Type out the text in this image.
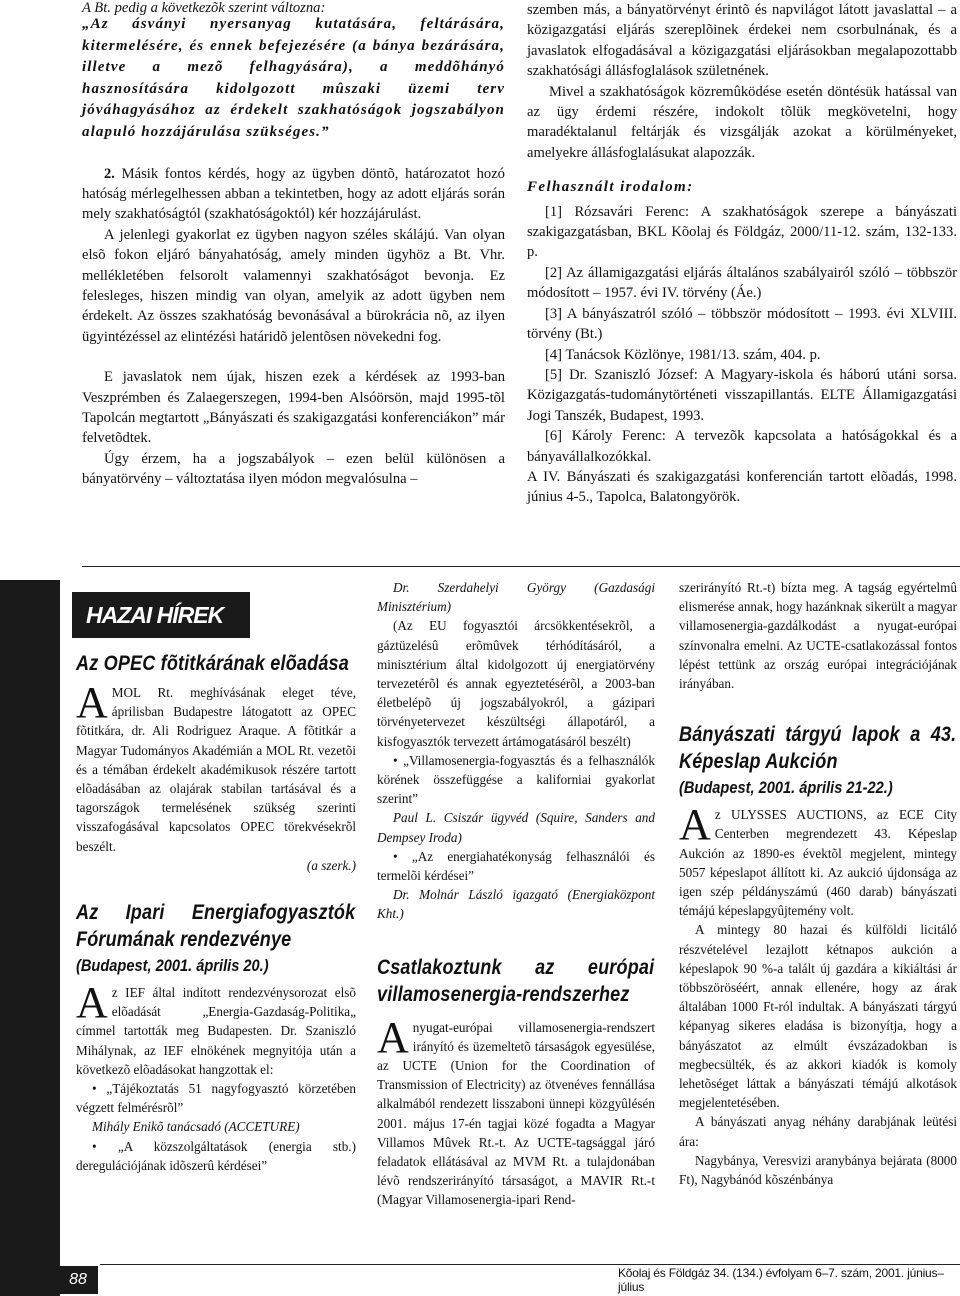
A Bt. pedig a következõk szerint változna:

„Az ásványi nyersanyag kutatására, feltárására, kitermelésére, és ennek befejezésére (a bánya bezárására, illetve a mezõ felhagyására), a meddõhányó hasznosítására kidolgozott mûszaki üzemi terv jóváhagyásához az érdekelt szakhatóságok jogszabályon alapuló hozzájárulása szükséges.”

2. Másik fontos kérdés, hogy az ügyben döntõ, határozatot hozó hatóság mérlegelhessen abban a tekintetben, hogy az adott eljárás során mely szakhatóságtól (szakhatóságoktól) kér hozzájárulást.

A jelenlegi gyakorlat ez ügyben nagyon széles skálájú. Van olyan elsõ fokon eljáró bányahatóság, amely minden ügyhöz a Bt. Vhr. mellékletében felsorolt valamennyi szakhatóságot bevonja. Ez felesleges, hiszen mindig van olyan, amelyik az adott ügyben nem érdekelt. Az összes szakhatóság bevonásával a bürokrácia nõ, az ilyen ügyintézéssel az elintézési határidõ jelentõsen növekedni fog.

E javaslatok nem újak, hiszen ezek a kérdések az 1993-ban Veszprémben és Zalaegerszegen, 1994-ben Alsóörsön, majd 1995-tõl Tapolcán megtartott „Bányászati és szakigazgatási konferenciákon” már felvetõdtek.

Úgy érzem, ha a jogszabályok – ezen belül különösen a bányatörvény – változtatása ilyen módon megvalósulna –

szemben más, a bányatörvényt érintõ és napvilágot látott javaslattal – a közigazgatási eljárás szereplõinek érdekei nem csorbulnának, és a javaslatok elfogadásával a közigazgatási eljárásokban megalapozottabb szakhatósági állásfoglalások születnének.

Mivel a szakhatóságok közremûködése esetén döntésük hatással van az ügy érdemi részére, indokolt tõlük megkövetelni, hogy maradéktalanul feltárják és vizsgálják azokat a körülményeket, amelyekre állásfoglalásukat alapozzák.

Felhasznált irodalom:

[1] Rózsavári Ferenc: A szakhatóságok szerepe a bányászati szakigazgatásban, BKL Kõolaj és Földgáz, 2000/11-12. szám, 132-133. p.

[2] Az államigazgatási eljárás általános szabályairól szóló – többször módosított – 1957. évi IV. törvény (Áe.)

[3] A bányászatról szóló – többször módosított – 1993. évi XLVIII. törvény (Bt.)

[4] Tanácsok Közlönye, 1981/13. szám, 404. p.

[5] Dr. Szaniszló József: A Magyary-iskola és háború utáni sorsa. Közigazgatás-tudománytörténeti visszapillantás. ELTE Államigazgatási Jogi Tanszék, Budapest, 1993.

[6] Károly Ferenc: A tervezõk kapcsolata a hatóságokkal és a bányavállalkozókkal.

A IV. Bányászati és szakigazgatási konferencián tartott elõadás, 1998. június 4-5., Tapolca, Balatongyörök.

HAZAI HÍREK
Az OPEC fõtitkárának elõadása

AMOL Rt. meghívásának eleget téve, áprilisban Budapestre látogatott az OPEC fõtitkára, dr. Ali Rodriguez Araque. A fõtitkár a Magyar Tudományos Akadémián a MOL Rt. vezetõi és a témában érdekelt akadémikusok részére tartott elõadásában az olajárak stabilan tartásával és a tagországok termelésének szükség szerinti visszafogásával kapcsolatos OPEC törekvésekrõl beszélt.

(a szerk.)

Az Ipari Energiafogyasztók Fórumának rendezvénye
(Budapest, 2001. április 20.)

Az IEF által indított rendezvénysorozat elsõ elõadását „Energia-Gazdaság-Politika„ címmel tartották meg Budapesten. Dr. Szaniszló Mihálynak, az IEF elnökének megnyitója után a következõ elõadásokat hangzottak el:

• „Tájékoztatás 51 nagyfogyasztó körzetében végzett felmérésrõl”

Mihály Enikõ tanácsadó (ACCETURE)

• „A közszolgáltatások (energia stb.) deregulációjának idõszerû kérdései”

Dr. Szerdahelyi György (Gazdasági Minisztérium)

(Az EU fogyasztói árcsökkentésekrõl, a gáztüzelésû erõmûvek térhódításáról, a minisztérium által kidolgozott új energiatörvény tervezetérõl és annak egyeztetésérõl, a 2003-ban életbelépõ új jogszabályokról, a gázipari törvényetervezet készültségi állapotáról, a kisfogyasztók tervezett ártámogatásáról beszélt)

• „Villamosenergia-fogyasztás és a felhasználók körének összefüggése a kaliforniai gyakorlat szerint”

Paul L. Csiszár ügyvéd (Squire, Sanders and Dempsey Iroda)

• „Az energiahatékonyság felhasználói és termelõi kérdései”

Dr. Molnár László igazgató (Energiaközpont Kht.)

Csatlakoztunk az európai villamosenergia-rendszerhez

Anyugat-európai villamosenergia-rendszert irányító és üzemeltetõ társaságok egyesülése, az UCTE (Union for the Coordination of Transmission of Electricity) az ötvenéves fennállása alkalmából rendezett lisszaboni ünnepi közgyûlésén 2001. május 17-én tagjai közé fogadta a Magyar Villamos Mûvek Rt.-t. Az UCTE-tagsággal járó feladatok ellátásával az MVM Rt. a tulajdonában lévõ rendszerirányító társaságot, a MAVIR Rt.-t (Magyar Villamosenergia-ipari Rend-

szerirányító Rt.-t) bízta meg. A tagság egyértelmû elismerése annak, hogy hazánknak sikerült a magyar villamosenergia-gazdálkodást a nyugat-európai színvonalra emelni. Az UCTE-csatlakozással fontos lépést tettünk az ország európai integrációjának irányában.

Bányászati tárgyú lapok a 43. Képeslap Aukción
(Budapest, 2001. április 21-22.)

Az ULYSSES AUCTIONS, az ECE City Centerben megrendezett 43. Képeslap Aukción az 1890-es évektõl megjelent, mintegy 5057 képeslapot állított ki. Az aukció újdonsága az igen szép példányszámú (460 darab) bányászati témájú képeslapgyûjtemény volt.

A mintegy 80 hazai és külföldi licitáló részvételével lezajlott kétnapos aukción a képeslapok 90 %-a talált új gazdára a kikiáltási ár többszöröséért, annak ellenére, hogy az árak általában 1000 Ft-ról indultak. A bányászati tárgyú képanyag sikeres eladása is bizonyítja, hogy a bányászatot az elmúlt évszázadokban is megbecsülték, és az akkori kiadók is komoly lehetõséget láttak a bányászati témájú alkotások megjelentetésében.

A bányászati anyag néhány darabjának leütési ára:

Nagybánya, Veresvizi aranybánya bejárata (8000 Ft), Nagybánód kõszénbánya

88	Kõolaj és Földgáz 34. (134.) évfolyam 6–7. szám, 2001. június–július
